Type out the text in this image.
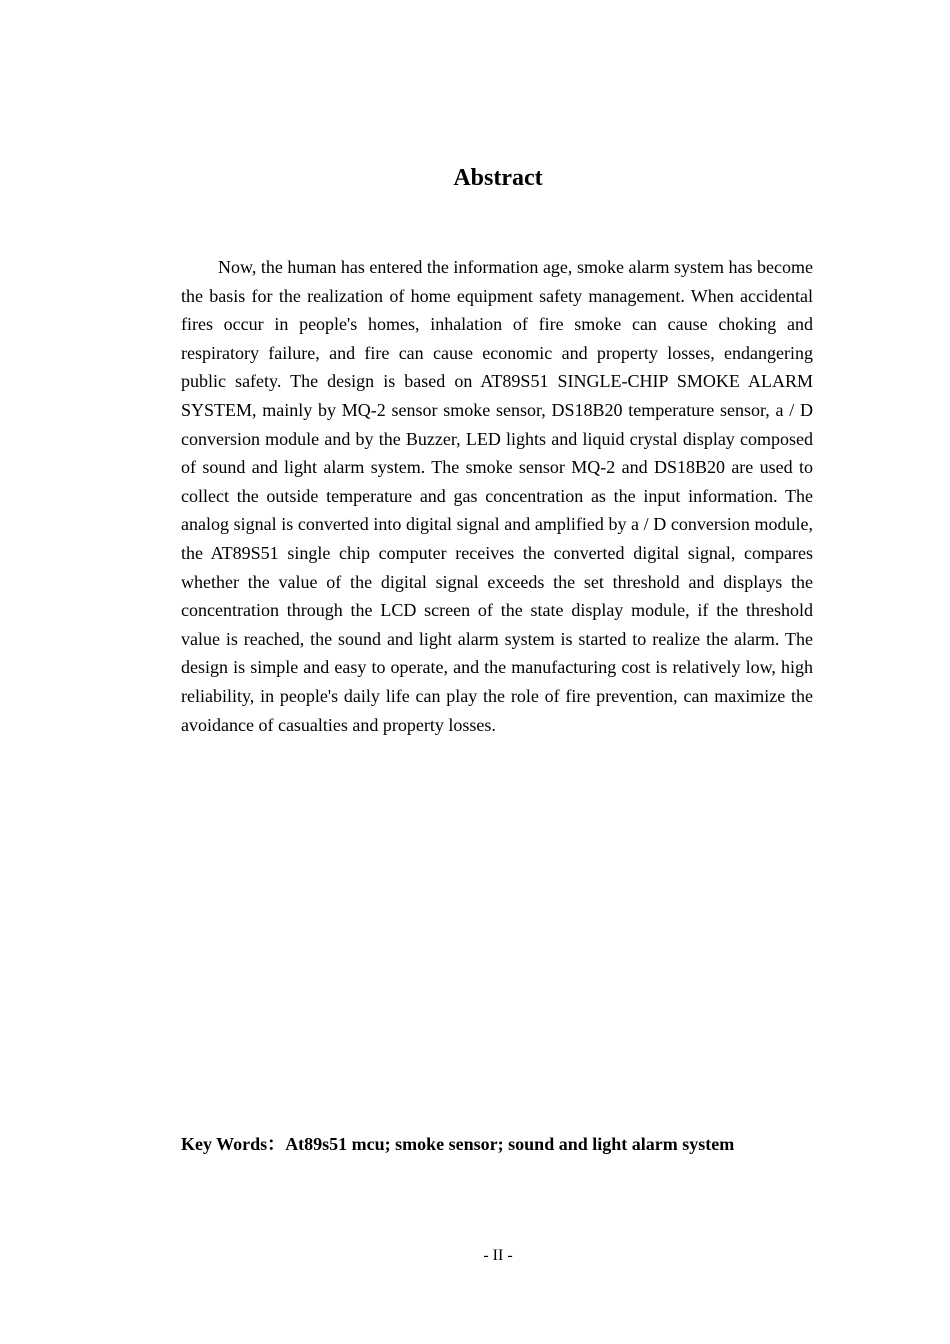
Abstract

Now, the human has entered the information age, smoke alarm system has become the basis for the realization of home equipment safety management. When accidental fires occur in people's homes, inhalation of fire smoke can cause choking and respiratory failure, and fire can cause economic and property losses, endangering public safety. The design is based on AT89S51 SINGLE-CHIP SMOKE ALARM SYSTEM, mainly by MQ-2 sensor smoke sensor, DS18B20 temperature sensor, a / D conversion module and by the Buzzer, LED lights and liquid crystal display composed of sound and light alarm system. The smoke sensor MQ-2 and DS18B20 are used to collect the outside temperature and gas concentration as the input information. The analog signal is converted into digital signal and amplified by a / D conversion module, the AT89S51 single chip computer receives the converted digital signal, compares whether the value of the digital signal exceeds the set threshold and displays the concentration through the LCD screen of the state display module, if the threshold value is reached, the sound and light alarm system is started to realize the alarm. The design is simple and easy to operate, and the manufacturing cost is relatively low, high reliability, in people's daily life can play the role of fire prevention, can maximize the avoidance of casualties and property losses.

Key Words：At89s51 mcu; smoke sensor; sound and light alarm system
- II -
